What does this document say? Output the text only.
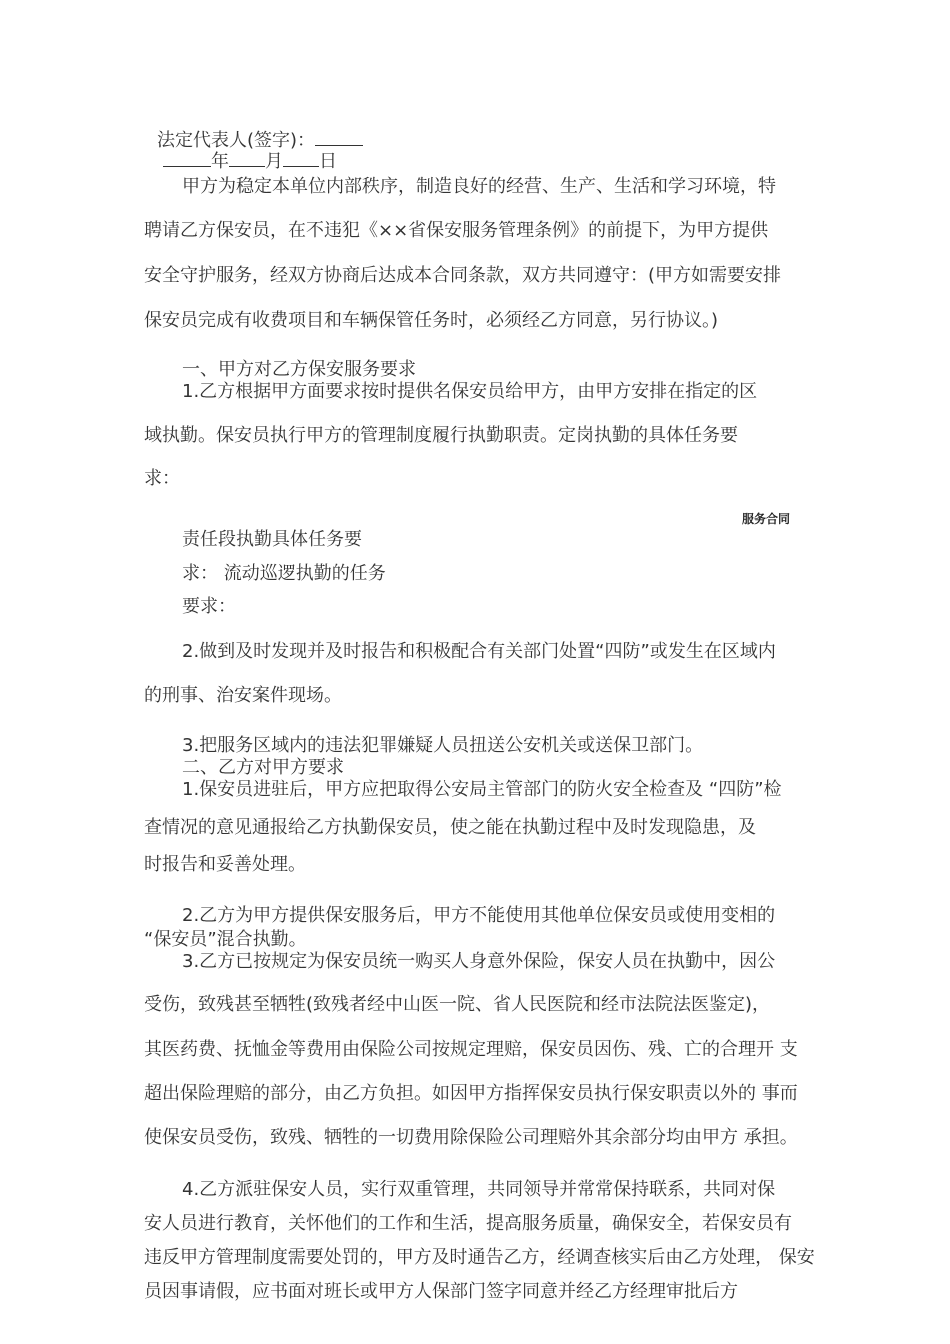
法定代表人(签字)：
年 月 日
甲方为稳定本单位内部秩序，制造良好的经营、生产、生活和学习环境，特
聘请乙方保安员，在不违犯《××省保安服务管理条例》的前提下，为甲方提供
安全守护服务，经双方协商后达成本合同条款，双方共同遵守：(甲方如需要安排
保安员完成有收费项目和车辆保管任务时，必须经乙方同意，另行协议。)
一、甲方对乙方保安服务要求
1.乙方根据甲方面要求按时提供名保安员给甲方，由甲方安排在指定的区
域执勤。保安员执行甲方的管理制度履行执勤职责。定岗执勤的具体任务要
求：
服务合同
责任段执勤具体任务要
求： 流动巡逻执勤的任务
要求：
2.做到及时发现并及时报告和积极配合有关部门处置“四防”或发生在区域内
的刑事、治安案件现场。
3.把服务区域内的违法犯罪嫌疑人员扭送公安机关或送保卫部门。
二、乙方对甲方要求
1.保安员进驻后，甲方应把取得公安局主管部门的防火安全检查及 “四防”检
查情况的意见通报给乙方执勤保安员，使之能在执勤过程中及时发现隐患，及
时报告和妥善处理。
2.乙方为甲方提供保安服务后，甲方不能使用其他单位保安员或使用变相的
“保安员”混合执勤。
3.乙方已按规定为保安员统一购买人身意外保险，保安人员在执勤中，因公
受伤，致残甚至牺牲(致残者经中山医一院、省人民医院和经市法院法医鉴定)，
其医药费、抚恤金等费用由保险公司按规定理赔，保安员因伤、残、亡的合理开 支
超出保险理赔的部分，由乙方负担。如因甲方指挥保安员执行保安职责以外的 事而
使保安员受伤，致残、牺牲的一切费用除保险公司理赔外其余部分均由甲方 承担。
4.乙方派驻保安人员，实行双重管理，共同领导并常常保持联系，共同对保
安人员进行教育，关怀他们的工作和生活，提高服务质量，确保安全，若保安员有
违反甲方管理制度需要处罚的，甲方及时通告乙方，经调查核实后由乙方处理， 保安
员因事请假，应书面对班长或甲方人保部门签字同意并经乙方经理审批后方
